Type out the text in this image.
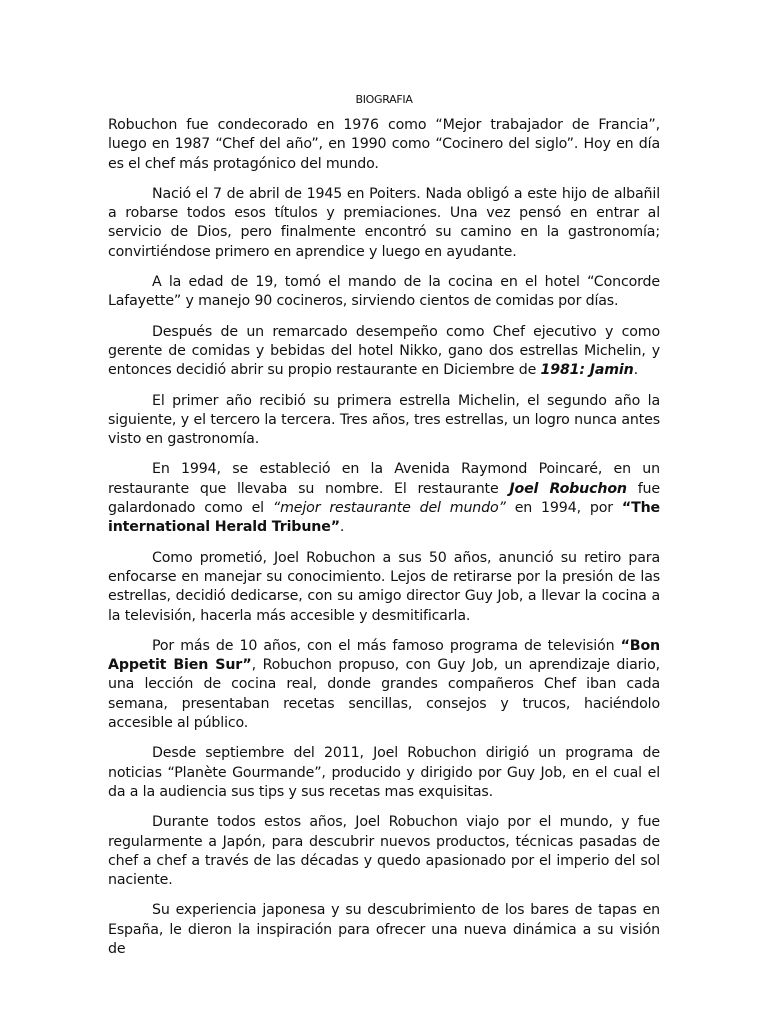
BIOGRAFIA

Robuchon fue condecorado en 1976 como “Mejor trabajador de Francia”, luego en 1987 “Chef del año”, en 1990 como “Cocinero del siglo”. Hoy en día es el chef más protagónico del mundo.

Nació el 7 de abril de 1945 en Poiters. Nada obligó a este hijo de albañil a robarse todos esos títulos y premiaciones. Una vez pensó en entrar al servicio de Dios, pero finalmente encontró su camino en la gastronomía; convirtiéndose primero en aprendice y luego en ayudante.

A la edad de 19, tomó el mando de la cocina en el hotel “Concorde Lafayette” y manejo 90 cocineros, sirviendo cientos de comidas por días.

Después de un remarcado desempeño como Chef ejecutivo y como gerente de comidas y bebidas del hotel Nikko, gano dos estrellas Michelin, y entonces decidió abrir su propio restaurante en Diciembre de 1981: Jamin.

El primer año recibió su primera estrella Michelin, el segundo año la siguiente, y el tercero la tercera. Tres años, tres estrellas, un logro nunca antes visto en gastronomía.

En 1994, se estableció en la Avenida Raymond Poincaré, en un restaurante que llevaba su nombre. El restaurante Joel Robuchon fue galardonado como el “mejor restaurante del mundo” en 1994, por “The international Herald Tribune”.

Como prometió, Joel Robuchon a sus 50 años, anunció su retiro para enfocarse en manejar su conocimiento. Lejos de retirarse por la presión de las estrellas, decidió dedicarse, con su amigo director Guy Job, a llevar la cocina a la televisión, hacerla más accesible y desmitificarla.

Por más de 10 años, con el más famoso programa de televisión “Bon Appetit Bien Sur”, Robuchon propuso, con Guy Job, un aprendizaje diario, una lección de cocina real, donde grandes compañeros Chef iban cada semana, presentaban recetas sencillas, consejos y trucos, haciéndolo accesible al público.

Desde septiembre del 2011, Joel Robuchon dirigió un programa de noticias “Planète Gourmande”, producido y dirigido por Guy Job, en el cual el da a la audiencia sus tips y sus recetas mas exquisitas.

Durante todos estos años, Joel Robuchon viajo por el mundo, y fue regularmente a Japón, para descubrir nuevos productos, técnicas pasadas de chef a chef a través de las décadas y quedo apasionado por el imperio del sol naciente.

Su experiencia japonesa y su descubrimiento de los bares de tapas en España, le dieron la inspiración para ofrecer una nueva dinámica a su visión de
